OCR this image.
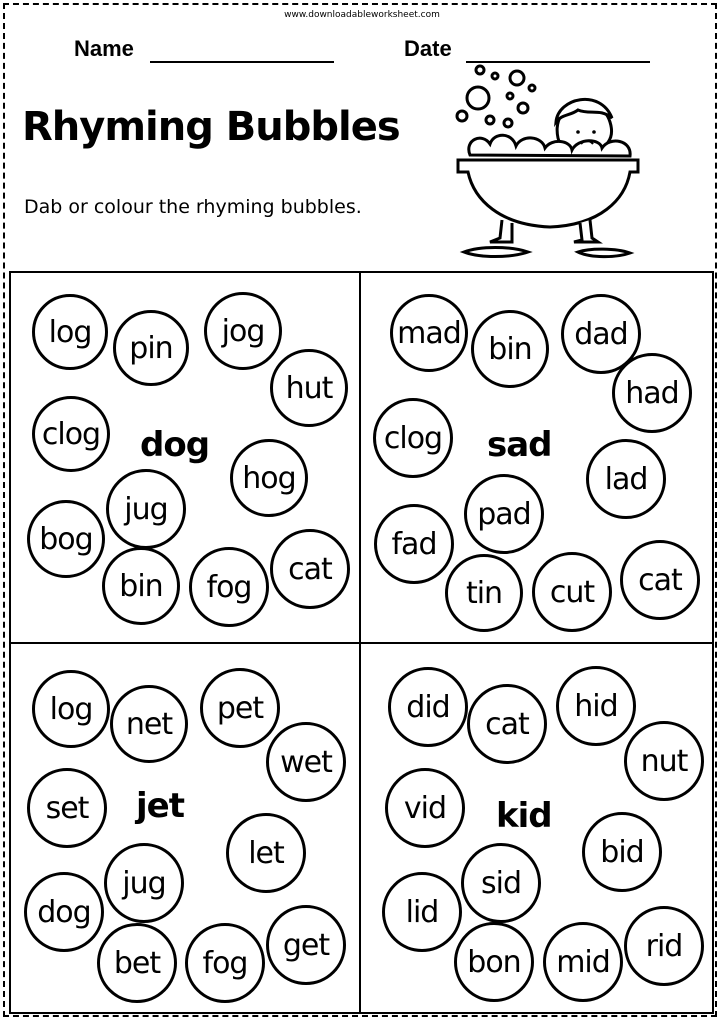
www.downloadableworksheet.com
Name	Date
Rhyming Bubbles
Dab or colour the rhyming bubbles.
dog
log	pin	jog
hut
clog
hog
jug
bog
bin	fog
cat
sad
mad bin	dad
had
clog
lad
pad
fad
tin	cut	cat
jet
log	net	pet
wet
set
let
jug
dog
bet	fog
get
kid
did	cat
hid
nut
vid
bid
sid
lid
bon	mid	rid
